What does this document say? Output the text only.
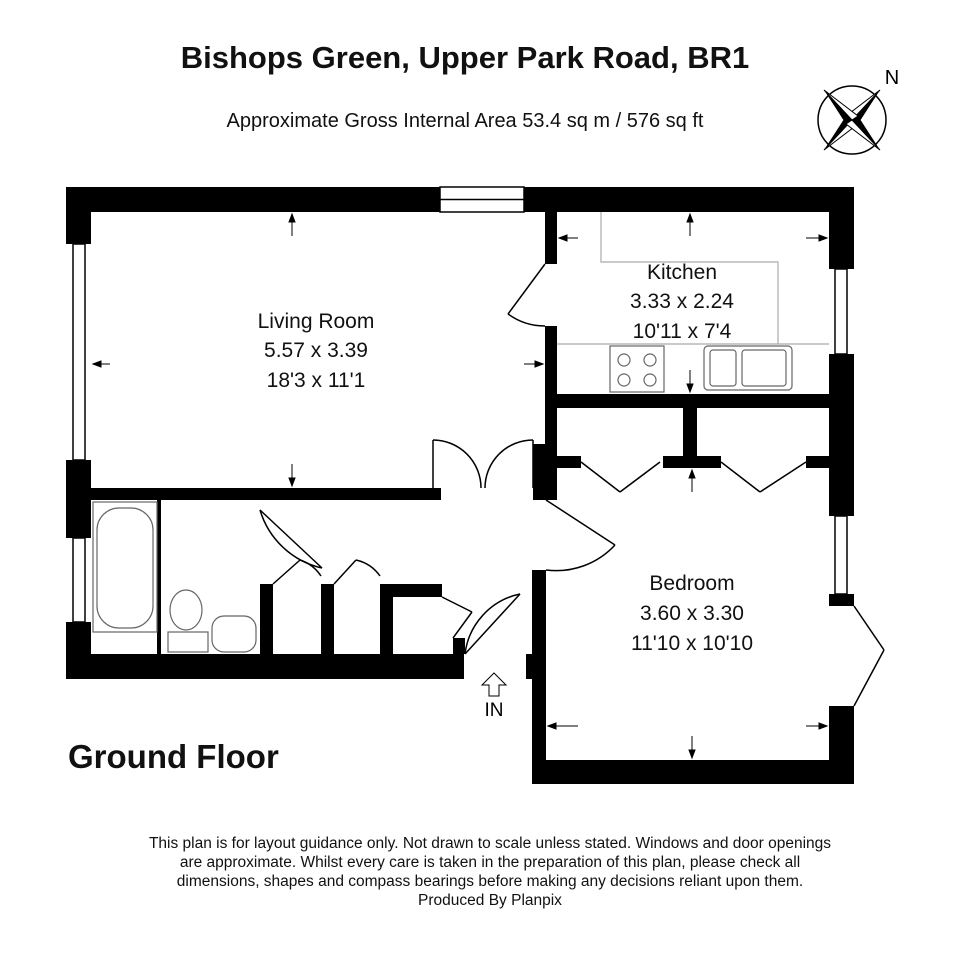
Bishops Green, Upper Park Road, BR1
Approximate Gross Internal Area 53.4 sq m / 576 sq ft
N
IN
Living Room
5.57 x 3.39
18'3 x 11'1
Kitchen
3.33 x 2.24
10'11 x 7'4
Bedroom
3.60 x 3.30
11'10 x 10'10
Ground Floor
This plan is for layout guidance only. Not drawn to scale unless stated. Windows and door openings
are approximate. Whilst every care is taken in the preparation of this plan, please check all
dimensions, shapes and compass bearings before making any decisions reliant upon them.
Produced By Planpix
